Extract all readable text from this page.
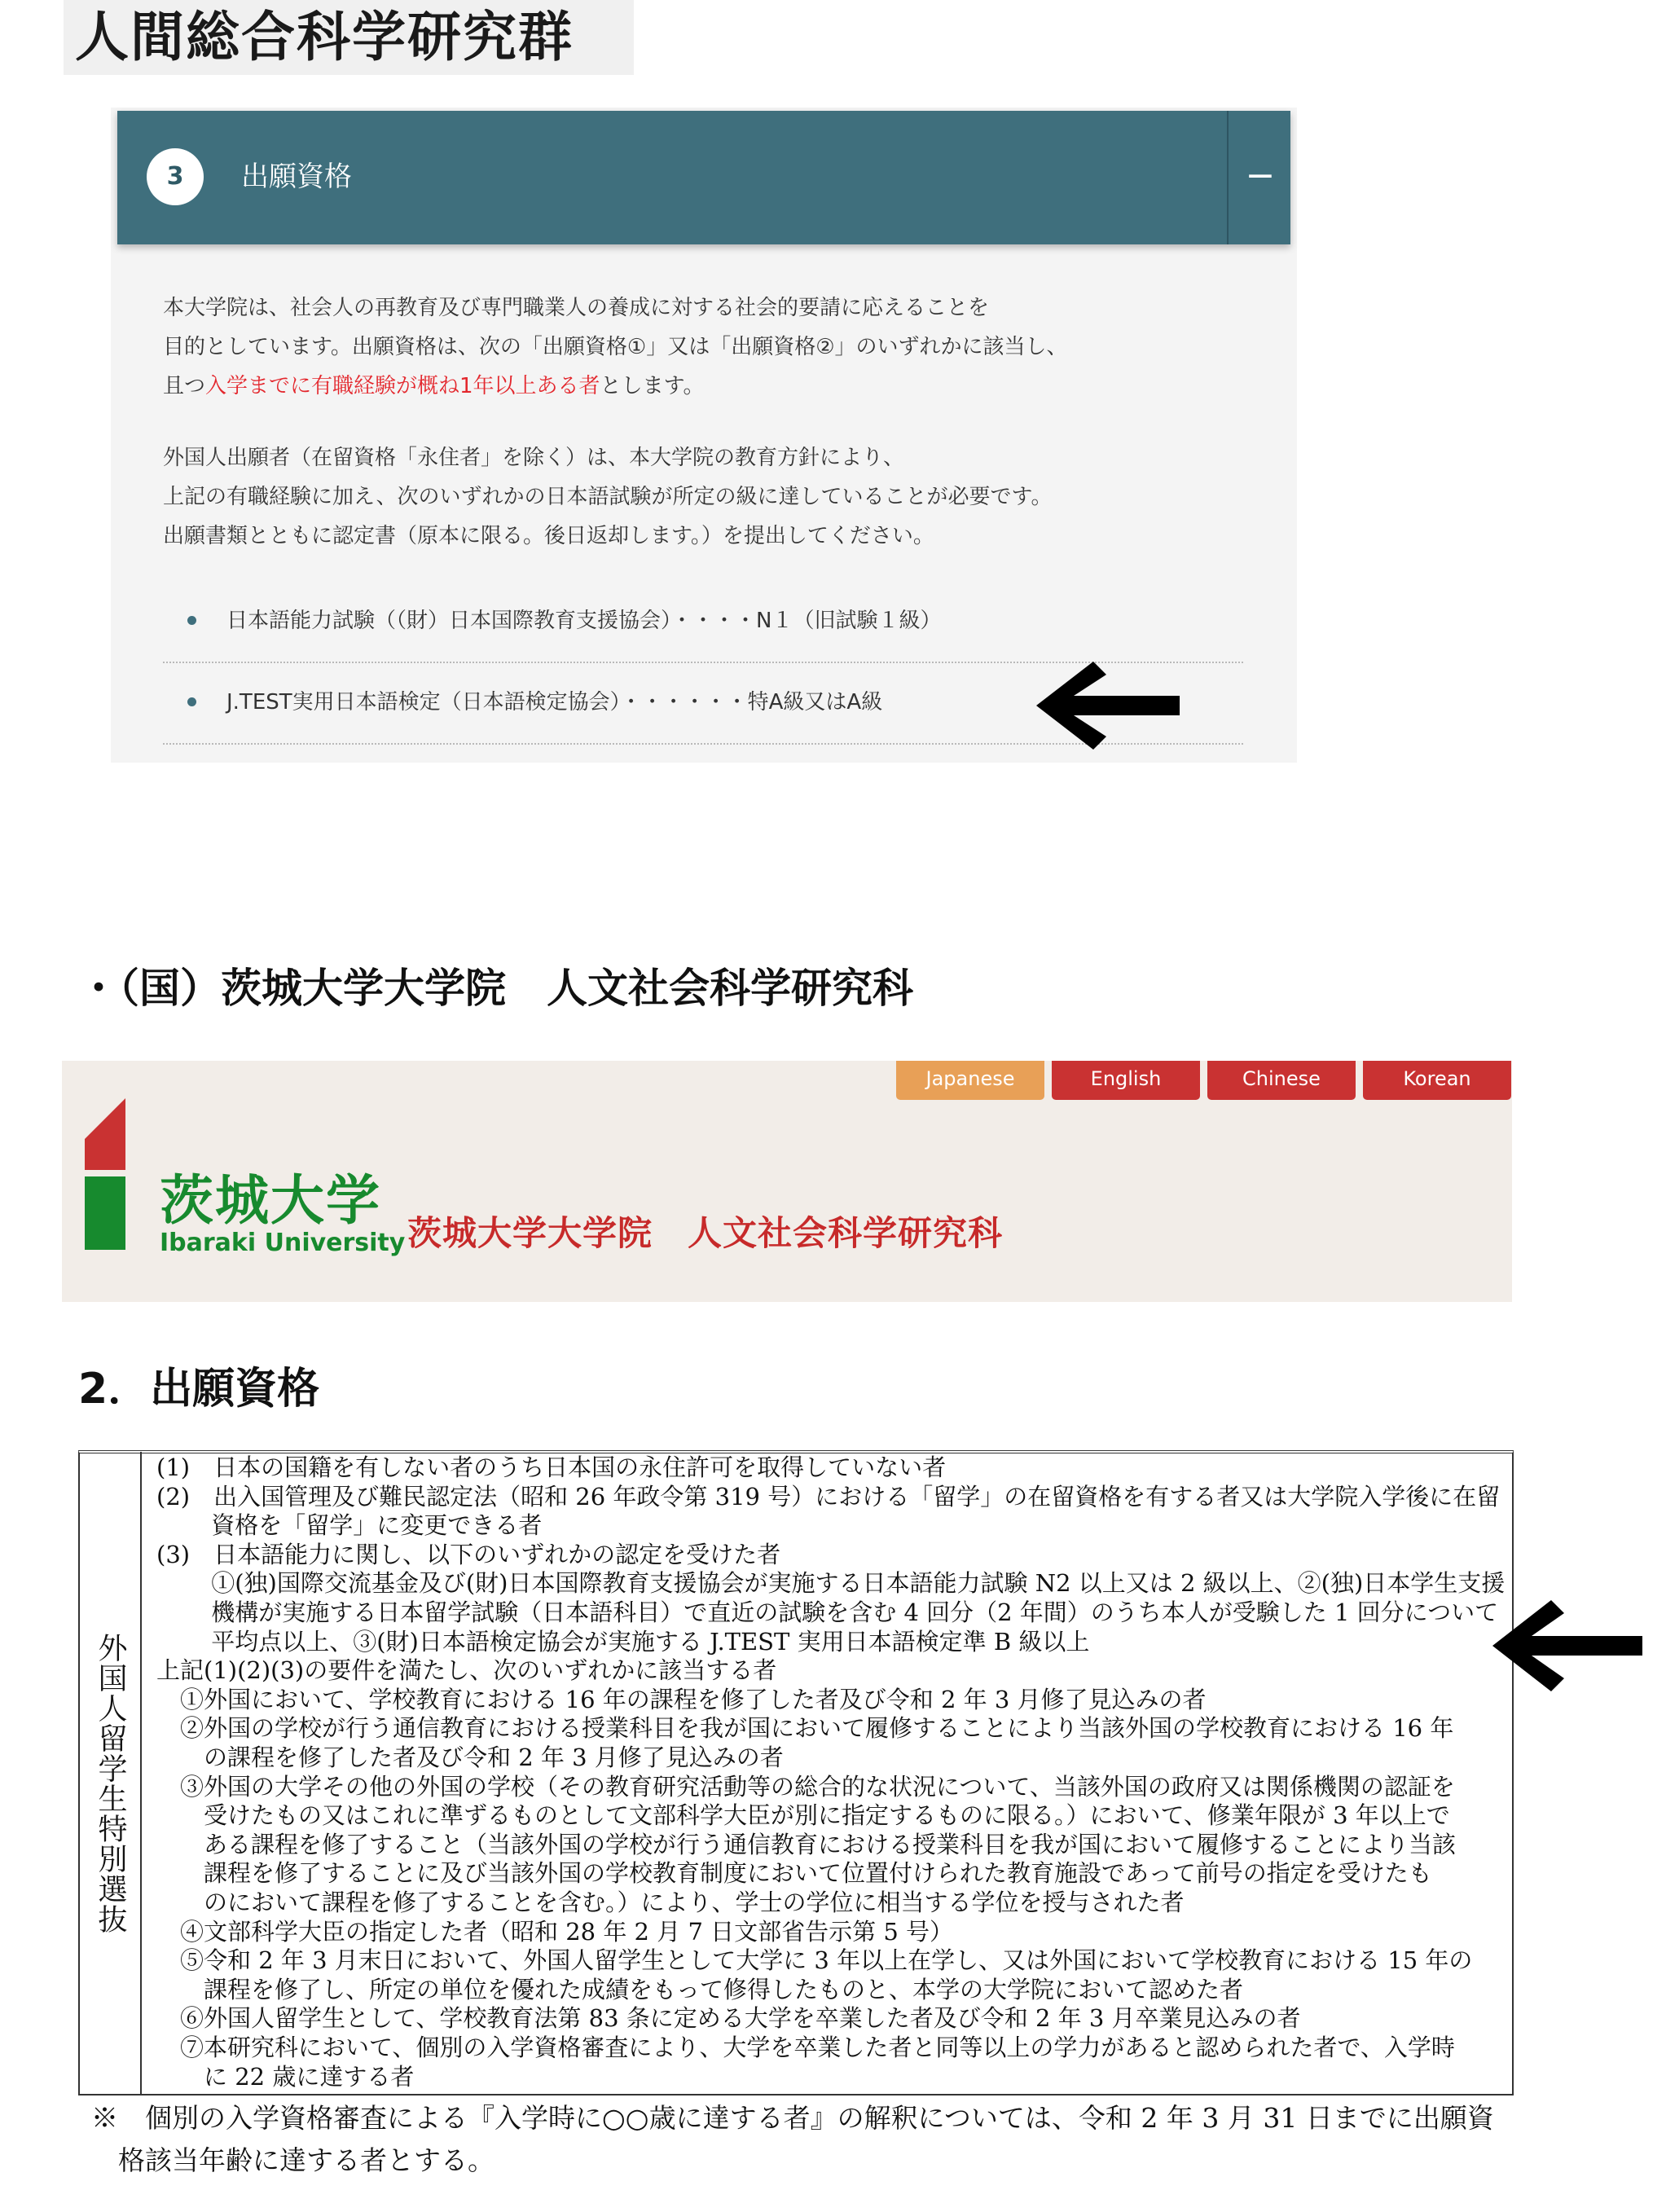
人間総合科学研究群
3	出願資格	−
本大学院は、社会人の再教育及び専門職業人の養成に対する社会的要請に応えることを
目的としています。出願資格は、次の「出願資格①」又は「出願資格②」のいずれかに該当し、
且つ入学までに有職経験が概ね1年以上ある者とします。
外国人出願者（在留資格「永住者」を除く）は、本大学院の教育方針により、
上記の有職経験に加え、次のいずれかの日本語試験が所定の級に達していることが必要です。
出願書類とともに認定書（原本に限る。後日返却します。）を提出してください。
日本語能力試験（（財）日本国際教育支援協会）・・・・N１（旧試験１級）
J.TEST実用日本語検定（日本語検定協会）・・・・・・特A級又はA級
・（国）茨城大学大学院　人文社会科学研究科
Japanese	English	Chinese	Korean
茨城大学
Ibaraki University 茨城大学大学院　人文社会科学研究科
2．出願資格
外国人留学生特別選抜
(1)　日本の国籍を有しない者のうち日本国の永住許可を取得していない者
(2)　出入国管理及び難民認定法（昭和 26 年政令第 319 号）における「留学」の在留資格を有する者又は大学院入学後に在留
　　 資格を「留学」に変更できる者
(3)　日本語能力に関し、以下のいずれかの認定を受けた者
　　 ①(独)国際交流基金及び(財)日本国際教育支援協会が実施する日本語能力試験 N2 以上又は 2 級以上、②(独)日本学生支援
　　 機構が実施する日本留学試験（日本語科目）で直近の試験を含む 4 回分（2 年間）のうち本人が受験した 1 回分について
　　 平均点以上、③(財)日本語検定協会が実施する J.TEST 実用日本語検定準 B 級以上
上記(1)(2)(3)の要件を満たし、次のいずれかに該当する者
　①外国において、学校教育における 16 年の課程を修了した者及び令和 2 年 3 月修了見込みの者
　②外国の学校が行う通信教育における授業科目を我が国において履修することにより当該外国の学校教育における 16 年
　　の課程を修了した者及び令和 2 年 3 月修了見込みの者
　③外国の大学その他の外国の学校（その教育研究活動等の総合的な状況について、当該外国の政府又は関係機関の認証を
　　受けたもの又はこれに準ずるものとして文部科学大臣が別に指定するものに限る。）において、修業年限が 3 年以上で
　　ある課程を修了すること（当該外国の学校が行う通信教育における授業科目を我が国において履修することにより当該
　　課程を修了することに及び当該外国の学校教育制度において位置付けられた教育施設であって前号の指定を受けたも
　　のにおいて課程を修了することを含む。）により、学士の学位に相当する学位を授与された者
　④文部科学大臣の指定した者（昭和 28 年 2 月 7 日文部省告示第 5 号）
　⑤令和 2 年 3 月末日において、外国人留学生として大学に 3 年以上在学し、又は外国において学校教育における 15 年の
　　課程を修了し、所定の単位を優れた成績をもって修得したものと、本学の大学院において認めた者
　⑥外国人留学生として、学校教育法第 83 条に定める大学を卒業した者及び令和 2 年 3 月卒業見込みの者
　⑦本研究科において、個別の入学資格審査により、大学を卒業した者と同等以上の学力があると認められた者で、入学時
　　に 22 歳に達する者
※　個別の入学資格審査による『入学時に○○歳に達する者』の解釈については、令和 2 年 3 月 31 日までに出願資
　格該当年齢に達する者とする。
